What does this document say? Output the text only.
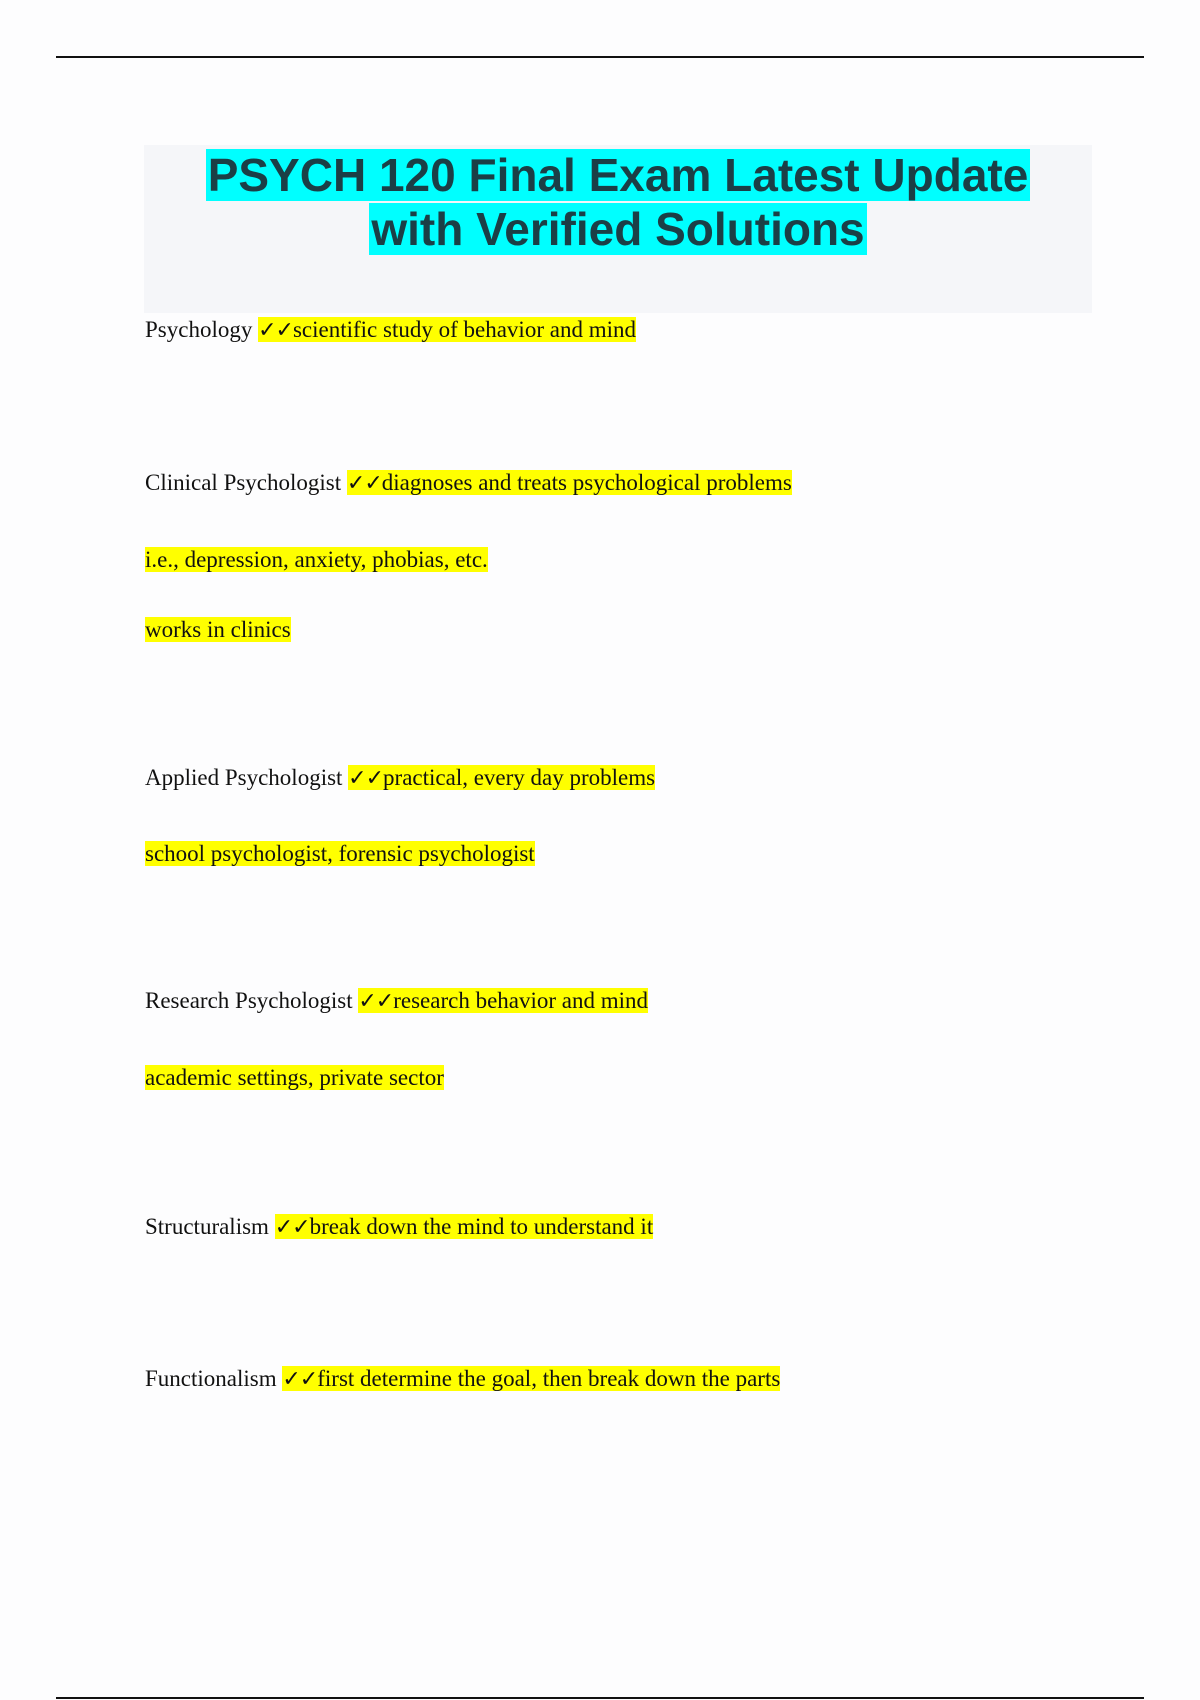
PSYCH 120 Final Exam Latest Update
with Verified Solutions
Psychology ✓✓scientific study of behavior and mind
Clinical Psychologist ✓✓diagnoses and treats psychological problems
i.e., depression, anxiety, phobias, etc.
works in clinics
Applied Psychologist ✓✓practical, every day problems
school psychologist, forensic psychologist
Research Psychologist ✓✓research behavior and mind
academic settings, private sector
Structuralism ✓✓break down the mind to understand it
Functionalism ✓✓first determine the goal, then break down the parts
